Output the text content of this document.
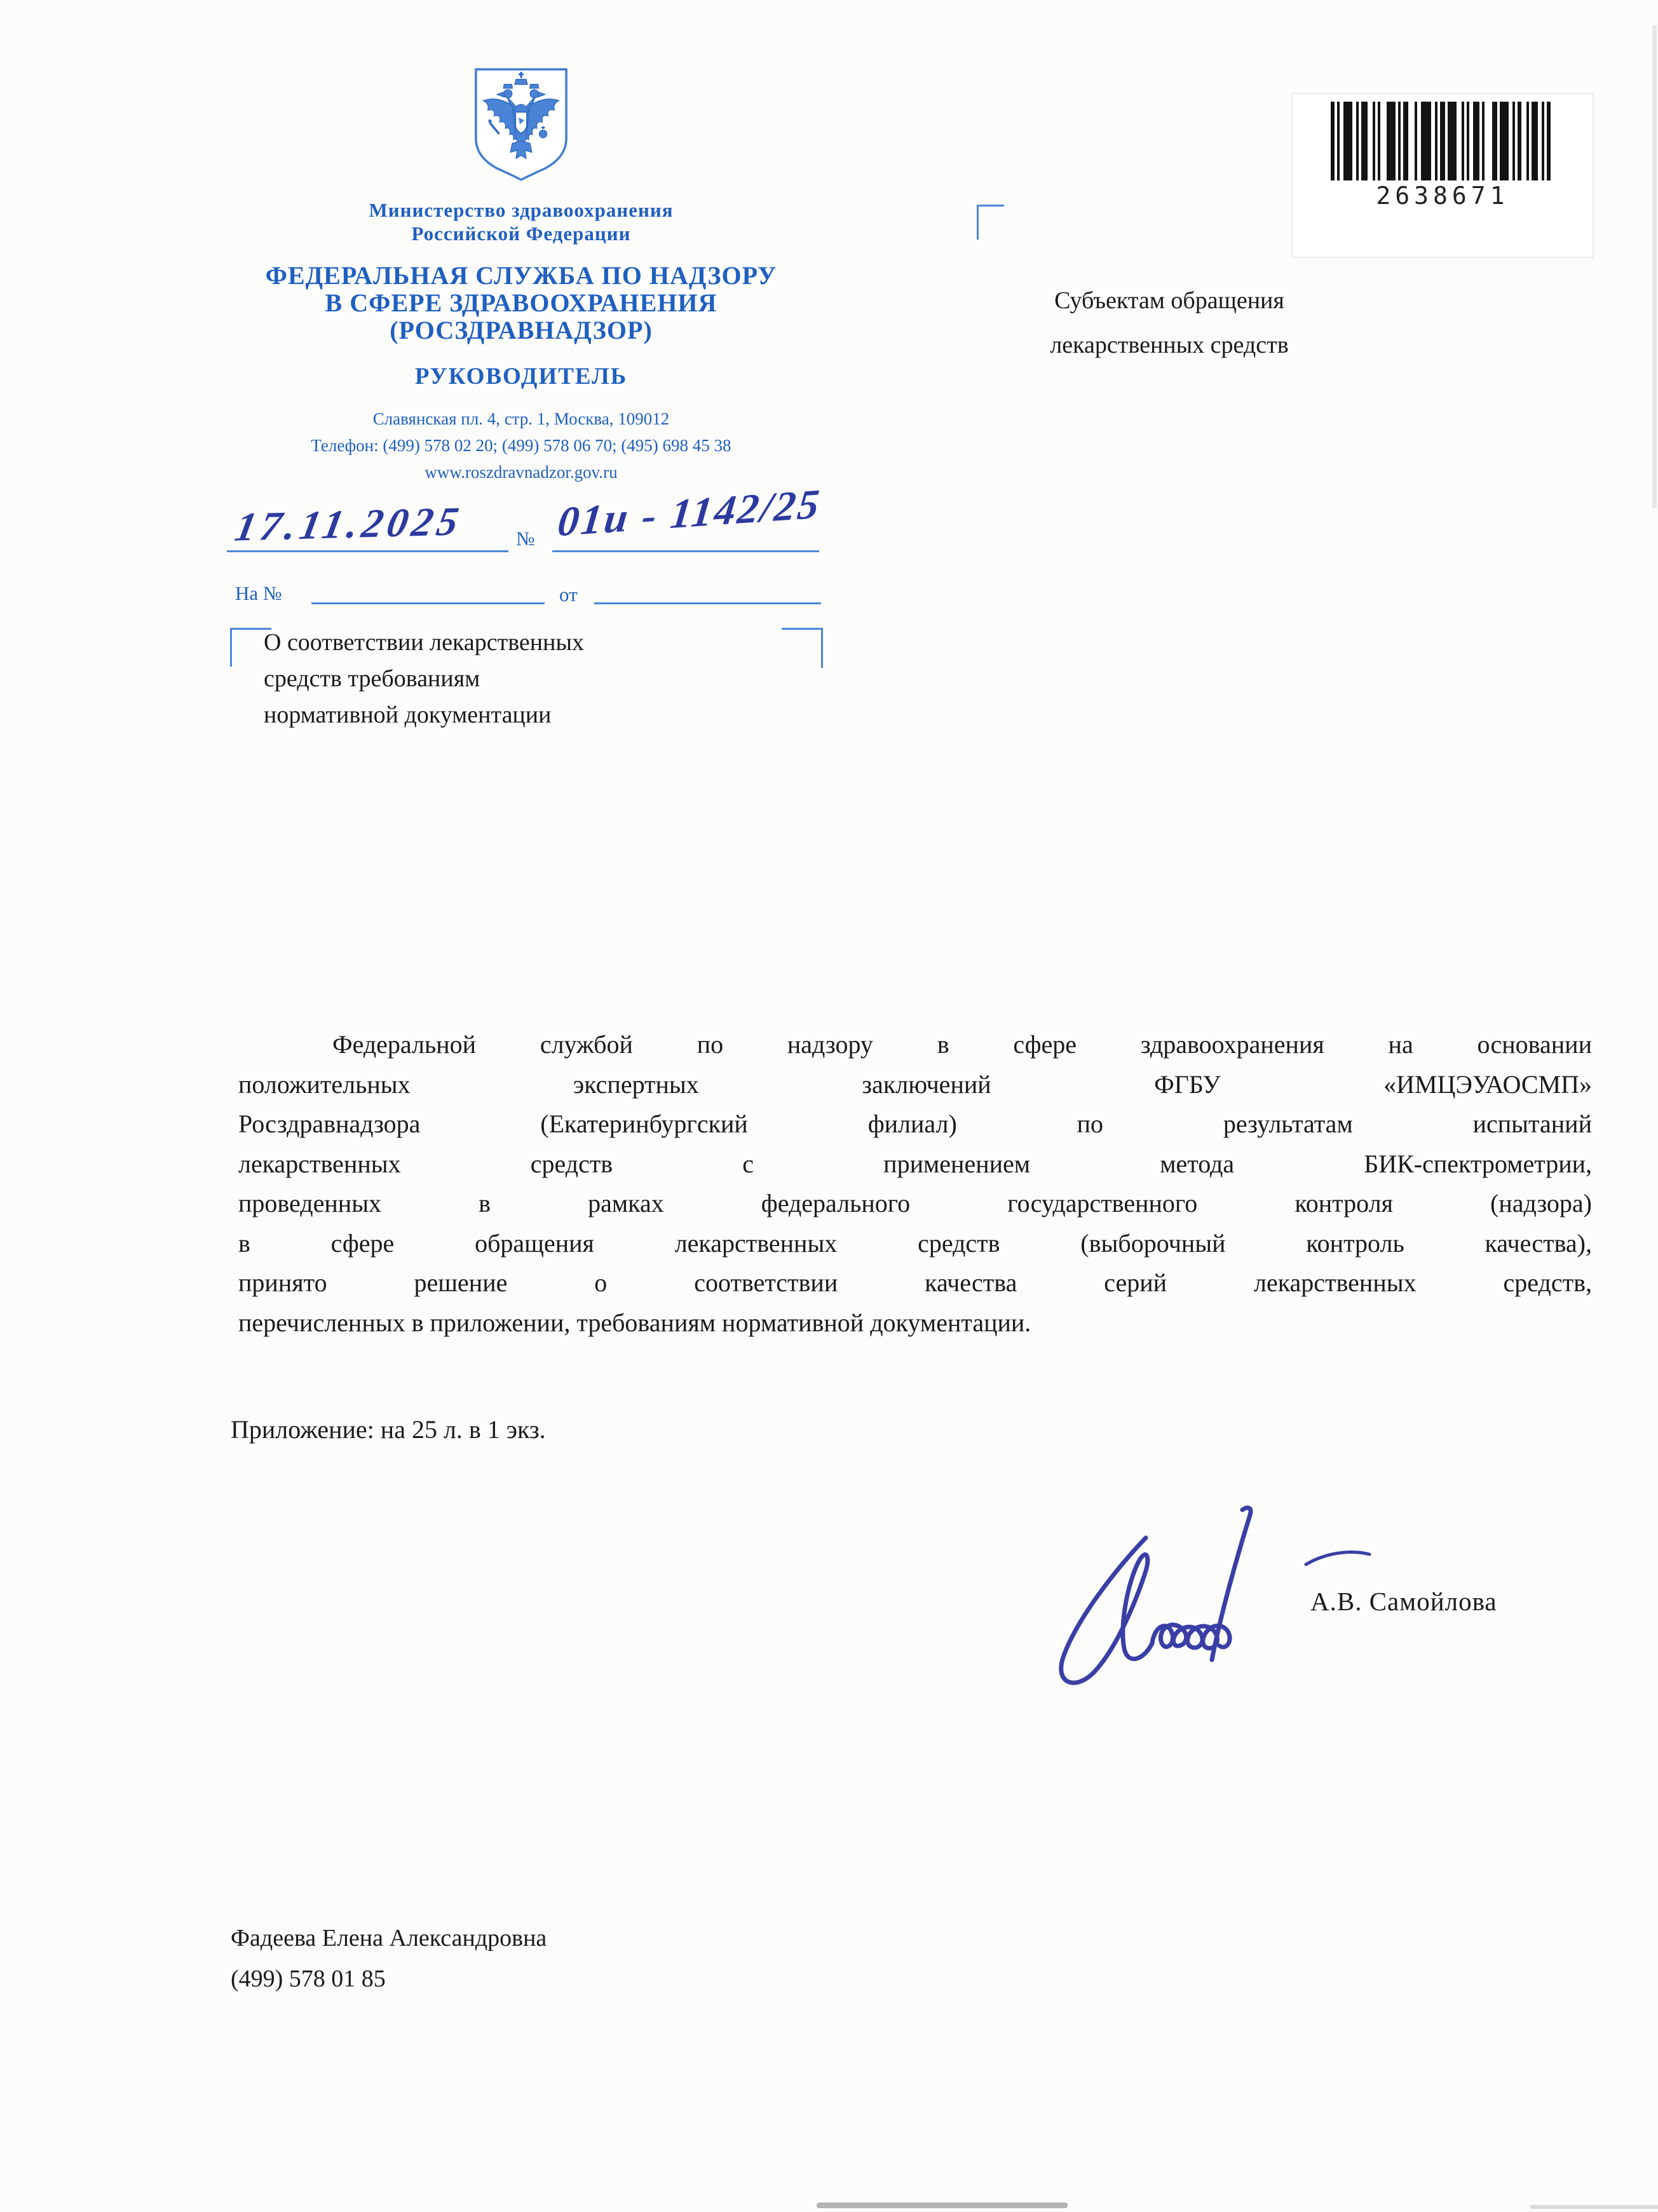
Министерство здравоохранения
Российской Федерации
ФЕДЕРАЛЬНАЯ СЛУЖБА ПО НАДЗОРУ
В СФЕРЕ ЗДРАВООХРАНЕНИЯ
(РОСЗДРАВНАДЗОР)
РУКОВОДИТЕЛЬ
Славянская пл. 4, стр. 1, Москва, 109012
Телефон: (499) 578 02 20; (499) 578 06 70; (495) 698 45 38
www.roszdravnadzor.gov.ru
2638671
Субъектам обращения
лекарственных средств
17.11.2025	№ 01и - 1142/25
На №	от
О соответствии лекарственных
средств требованиям
нормативной документации
Федеральной службой по надзору в сфере здравоохранения на основании
положительных экспертных заключений ФГБУ «ИМЦЭУАОСМП»
Росздравнадзора (Екатеринбургский филиал) по результатам испытаний
лекарственных средств с применением метода БИК-спектрометрии,
проведенных в рамках федерального государственного контроля (надзора)
в сфере обращения лекарственных средств (выборочный контроль качества),
принято решение о соответствии качества серий лекарственных средств,
перечисленных в приложении, требованиям нормативной документации.
Приложение: на 25 л. в 1 экз.
А.В. Самойлова
Фадеева Елена Александровна
(499) 578 01 85
